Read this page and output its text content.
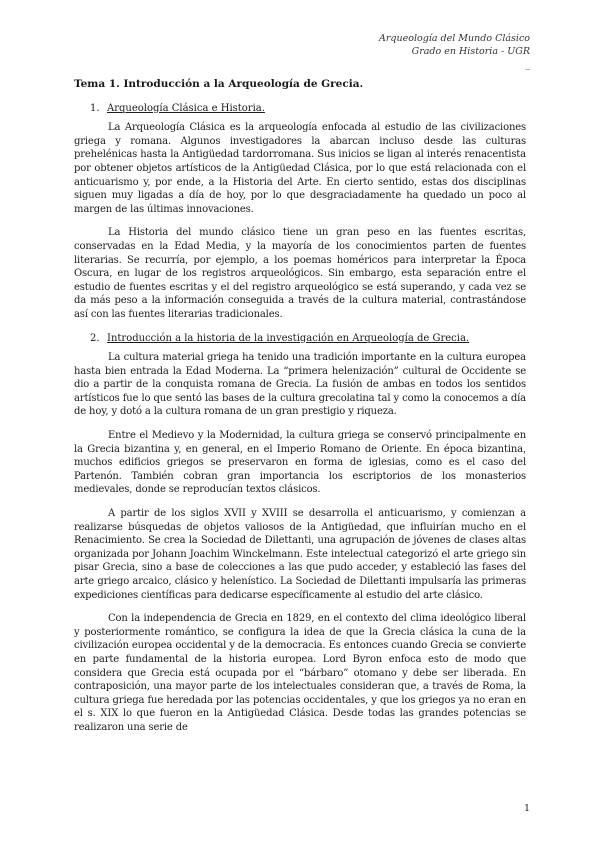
Arqueología del Mundo Clásico
Grado en Historia - UGR
_
Tema 1. Introducción a la Arqueología de Grecia.
1. Arqueología Clásica e Historia.

La Arqueología Clásica es la arqueología enfocada al estudio de las civilizaciones griega y romana. Algunos investigadores la abarcan incluso desde las culturas prehelénicas hasta la Antigüedad tardorromana. Sus inicios se ligan al interés renacentista por obtener objetos artísticos de la Antigüedad Clásica, por lo que está relacionada con el anticuarismo y, por ende, a la Historia del Arte. En cierto sentido, estas dos disciplinas siguen muy ligadas a día de hoy, por lo que desgraciadamente ha quedado un poco al margen de las últimas innovaciones.

La Historia del mundo clásico tiene un gran peso en las fuentes escritas, conservadas en la Edad Media, y la mayoría de los conocimientos parten de fuentes literarias. Se recurría, por ejemplo, a los poemas homéricos para interpretar la Época Oscura, en lugar de los registros arqueológicos. Sin embargo, esta separación entre el estudio de fuentes escritas y el del registro arqueológico se está superando, y cada vez se da más peso a la información conseguida a través de la cultura material, contrastándose así con las fuentes literarias tradicionales.

2. Introducción a la historia de la investigación en Arqueología de Grecia.

La cultura material griega ha tenido una tradición importante en la cultura europea hasta bien entrada la Edad Moderna. La “primera helenización” cultural de Occidente se dio a partir de la conquista romana de Grecia. La fusión de ambas en todos los sentidos artísticos fue lo que sentó las bases de la cultura grecolatina tal y como la conocemos a día de hoy, y dotó a la cultura romana de un gran prestigio y riqueza.

Entre el Medievo y la Modernidad, la cultura griega se conservó principalmente en la Grecia bizantina y, en general, en el Imperio Romano de Oriente. En época bizantina, muchos edificios griegos se preservaron en forma de iglesias, como es el caso del Partenón. También cobran gran importancia los escriptorios de los monasterios medievales, donde se reproducían textos clásicos.

A partir de los siglos XVII y XVIII se desarrolla el anticuarismo, y comienzan a realizarse búsquedas de objetos valiosos de la Antigüedad, que influirían mucho en el Renacimiento. Se crea la Sociedad de Dilettanti, una agrupación de jóvenes de clases altas organizada por Johann Joachim Winckelmann. Este intelectual categorizó el arte griego sin pisar Grecia, sino a base de colecciones a las que pudo acceder, y estableció las fases del arte griego arcaico, clásico y helenístico. La Sociedad de Dilettanti impulsaría las primeras expediciones científicas para dedicarse específicamente al estudio del arte clásico.

Con la independencia de Grecia en 1829, en el contexto del clima ideológico liberal y posteriormente romántico, se configura la idea de que la Grecia clásica la cuna de la civilización europea occidental y de la democracia. Es entonces cuando Grecia se convierte en parte fundamental de la historia europea. Lord Byron enfoca esto de modo que considera que Grecia está ocupada por el “bárbaro” otomano y debe ser liberada. En contraposición, una mayor parte de los intelectuales consideran que, a través de Roma, la cultura griega fue heredada por las potencias occidentales, y que los griegos ya no eran en el s. XIX lo que fueron en la Antigüedad Clásica. Desde todas las grandes potencias se realizaron una serie de

1
